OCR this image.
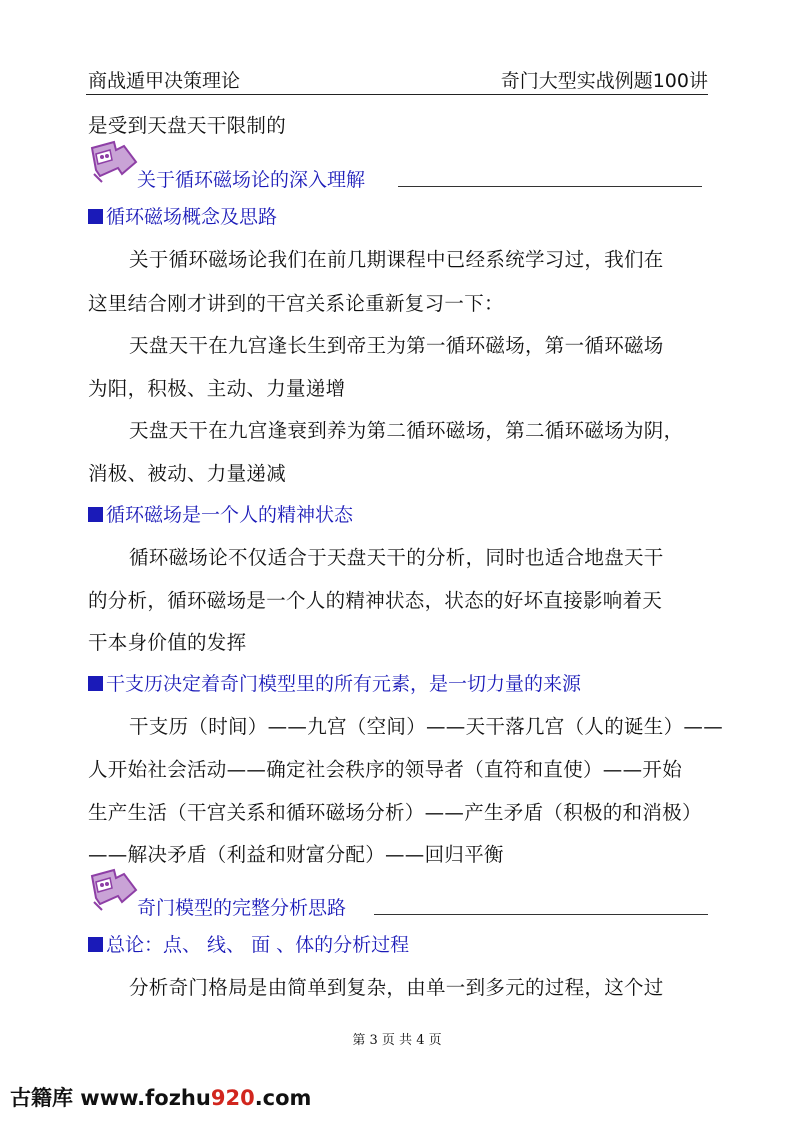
商战遁甲决策理论	奇门大型实战例题100讲
是受到天盘天干限制的
关于循环磁场论的深入理解
循环磁场概念及思路
关于循环磁场论我们在前几期课程中已经系统学习过，我们在
这里结合刚才讲到的干宫关系论重新复习一下：
天盘天干在九宫逢长生到帝王为第一循环磁场，第一循环磁场
为阳，积极、主动、力量递增
天盘天干在九宫逢衰到养为第二循环磁场，第二循环磁场为阴，
消极、被动、力量递减
循环磁场是一个人的精神状态
循环磁场论不仅适合于天盘天干的分析，同时也适合地盘天干
的分析，循环磁场是一个人的精神状态，状态的好坏直接影响着天
干本身价值的发挥
干支历决定着奇门模型里的所有元素，是一切力量的来源
干支历（时间）——九宫（空间）——天干落几宫（人的诞生）——
人开始社会活动——确定社会秩序的领导者（直符和直使）——开始
生产生活（干宫关系和循环磁场分析）——产生矛盾（积极的和消极）
——解决矛盾（利益和财富分配）——回归平衡
奇门模型的完整分析思路
总论：点、 线、 面 、体的分析过程
分析奇门格局是由简单到复杂，由单一到多元的过程，这个过
第 3 页 共 4 页
古籍库 www.fozhu920.com
